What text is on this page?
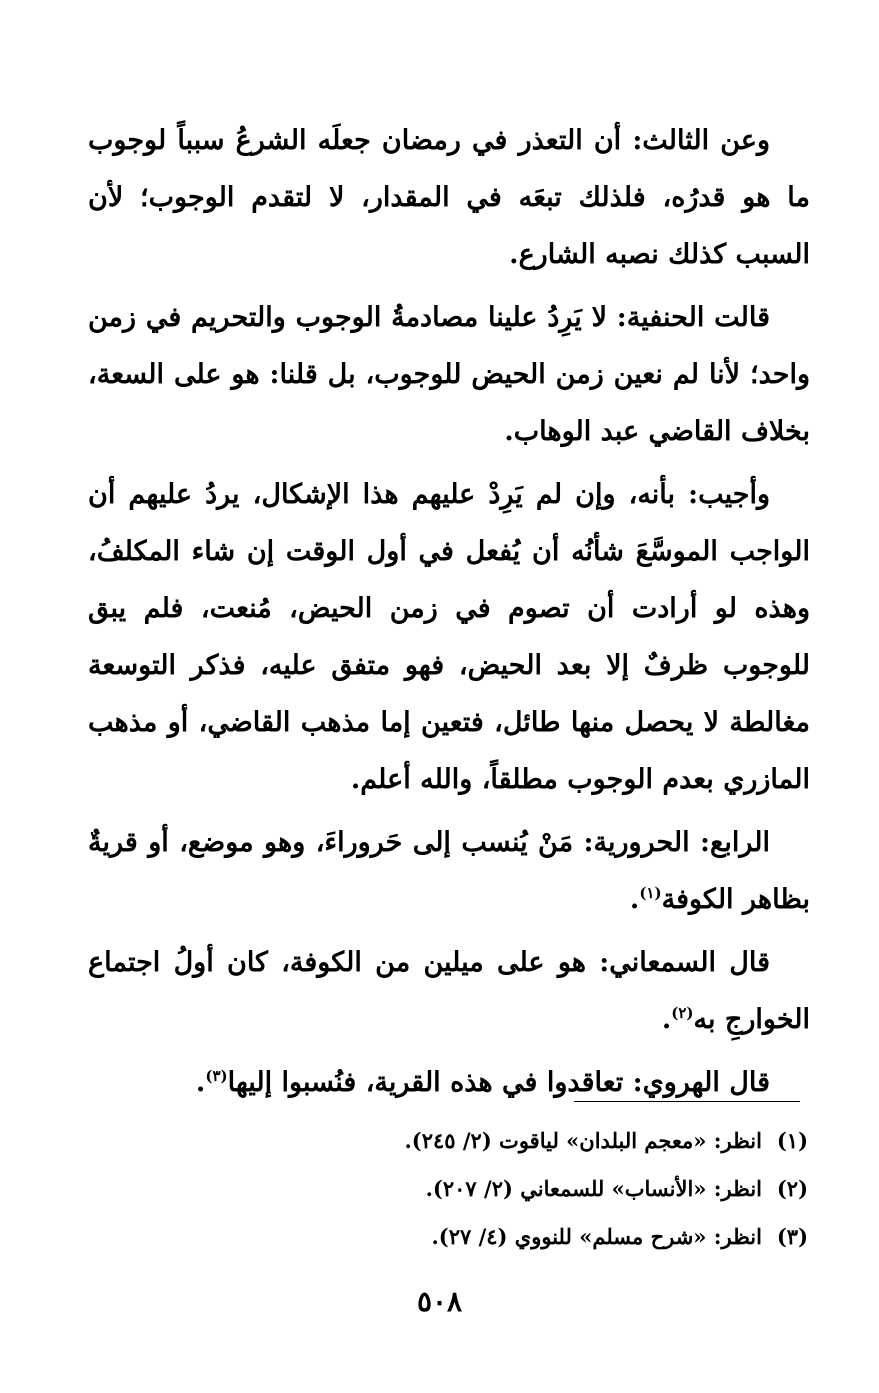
وعن الثالث: أن التعذر في رمضان جعلَه الشرعُ سبباً لوجوب ما هو قدرُه، فلذلك تبعَه في المقدار، لا لتقدم الوجوب؛ لأن السبب كذلك نصبه الشارع.

قالت الحنفية: لا يَرِدُ علينا مصادمةُ الوجوب والتحريم في زمن واحد؛ لأنا لم نعين زمن الحيض للوجوب، بل قلنا: هو على السعة، بخلاف القاضي عبد الوهاب.

وأجيب: بأنه، وإن لم يَرِدْ عليهم هذا الإشكال، يردُ عليهم أن الواجب الموسَّعَ شأنُه أن يُفعل في أول الوقت إن شاء المكلفُ، وهذه لو أرادت أن تصوم في زمن الحيض، مُنعت، فلم يبق للوجوب ظرفٌ إلا بعد الحيض، فهو متفق عليه، فذكر التوسعة مغالطة لا يحصل منها طائل، فتعين إما مذهب القاضي، أو مذهب المازري بعدم الوجوب مطلقاً، والله أعلم.

الرابع: الحرورية: مَنْ يُنسب إلى حَروراءَ، وهو موضع، أو قريةٌ بظاهر الكوفة$^{(١)}$.

قال السمعاني: هو على ميلين من الكوفة، كان أولُ اجتماع الخوارجِ به$^{(٢)}$.

قال الهروي: تعاقدوا في هذه القرية، فنُسبوا إليها$^{(٣)}$.

(١)
انظر: «معجم البلدان» لياقوت (٢/ ٢٤٥).
(٢)
انظر: «الأنساب» للسمعاني (٢/ ٢٠٧).
(٣)
انظر: «شرح مسلم» للنووي (٤/ ٢٧).
٥٠٨
